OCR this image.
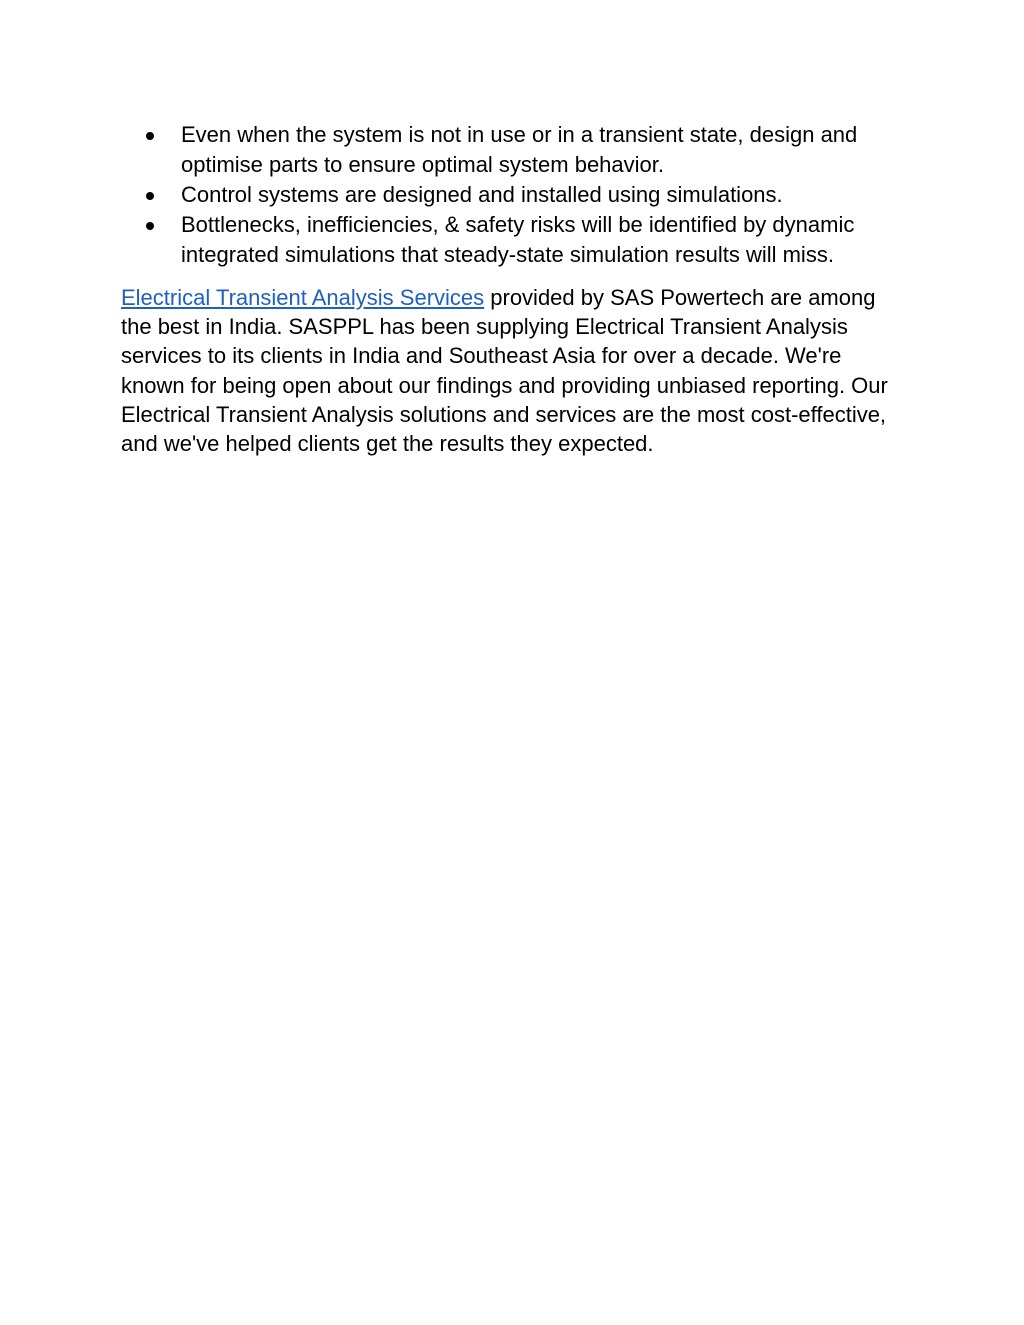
Even when the system is not in use or in a transient state, design and optimise parts to ensure optimal system behavior.
Control systems are designed and installed using simulations.
Bottlenecks, inefficiencies, & safety risks will be identified by dynamic integrated simulations that steady-state simulation results will miss.

Electrical Transient Analysis Services provided by SAS Powertech are among the best in India. SASPPL has been supplying Electrical Transient Analysis services to its clients in India and Southeast Asia for over a decade. We're known for being open about our findings and providing unbiased reporting. Our Electrical Transient Analysis solutions and services are the most cost-effective, and we've helped clients get the results they expected.
